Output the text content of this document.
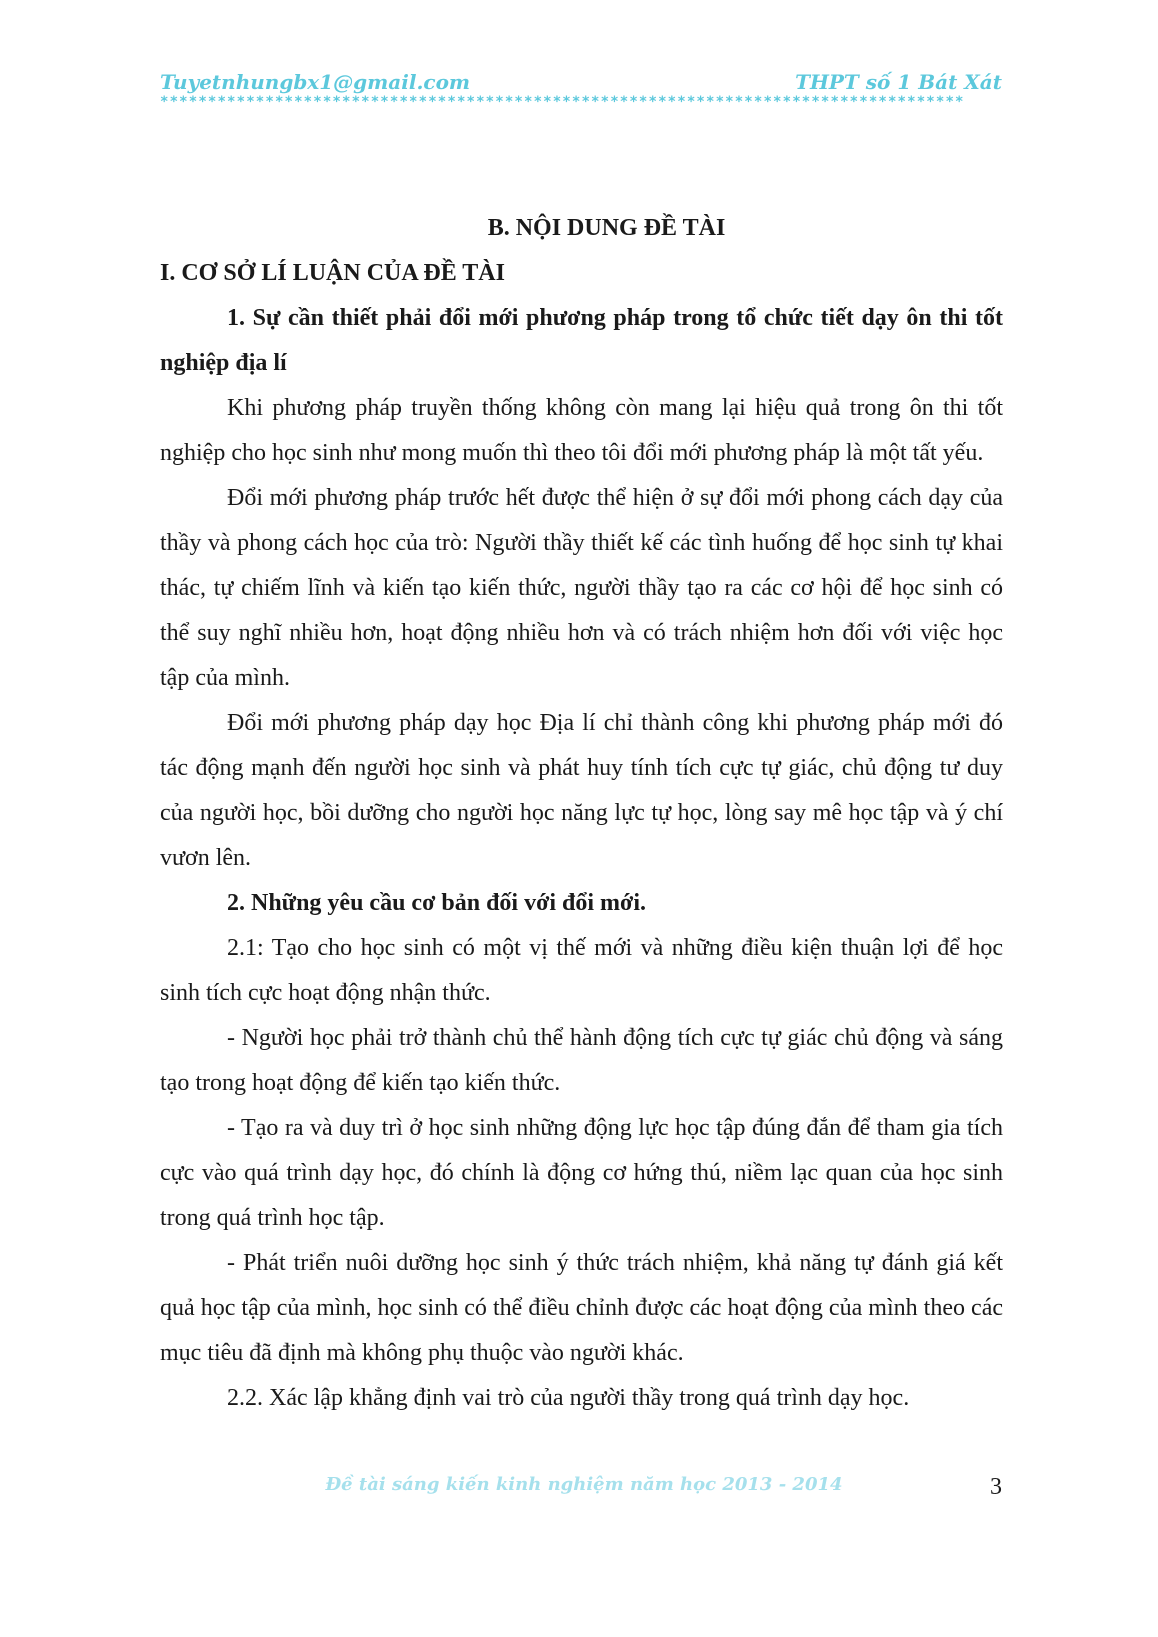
Tuyetnhungbx1@gmail.com	THPT số 1 Bát Xát
************************************************************************************

B. NỘI DUNG ĐỀ TÀI

I. CƠ SỞ LÍ LUẬN CỦA ĐỀ TÀI

1. Sự cần thiết phải đổi mới phương pháp trong tổ chức tiết dạy ôn thi tốt nghiệp địa lí

Khi phương pháp truyền thống không còn mang lại hiệu quả trong ôn thi tốt nghiệp cho học sinh như mong muốn thì theo tôi đổi mới phương pháp là một tất yếu.

Đổi mới phương pháp trước hết được thể hiện ở sự đổi mới phong cách dạy của thầy và phong cách học của trò: Người thầy thiết kế các tình huống để học sinh tự khai thác, tự chiếm lĩnh và kiến tạo kiến thức, người thầy tạo ra các cơ hội để học sinh có thể suy nghĩ nhiều hơn, hoạt động nhiều hơn và có trách nhiệm hơn đối với việc học tập của mình.

Đổi mới phương pháp dạy học Địa lí chỉ thành công khi phương pháp mới đó tác động mạnh đến người học sinh và phát huy tính tích cực tự giác, chủ động tư duy của người học, bồi dưỡng cho người học năng lực tự học, lòng say mê học tập và ý chí vươn lên.

2. Những yêu cầu cơ bản đối với đổi mới.

2.1: Tạo cho học sinh có một vị thế mới và những điều kiện thuận lợi để học sinh tích cực hoạt động nhận thức.

- Người học phải trở thành chủ thể hành động tích cực tự giác chủ động và sáng tạo trong hoạt động để kiến tạo kiến thức.

- Tạo ra và duy trì ở học sinh những động lực học tập đúng đắn để tham gia tích cực vào quá trình dạy học, đó chính là động cơ hứng thú, niềm lạc quan của học sinh trong quá trình học tập.

- Phát triển nuôi dưỡng học sinh ý thức trách nhiệm, khả năng tự đánh giá kết quả học tập của mình, học sinh có thể điều chỉnh được các hoạt động của mình theo các mục tiêu đã định mà không phụ thuộc vào người khác.

2.2. Xác lập khẳng định vai trò của người thầy trong quá trình dạy học.

Đề tài sáng kiến kinh nghiệm năm học 2013 - 2014	3
